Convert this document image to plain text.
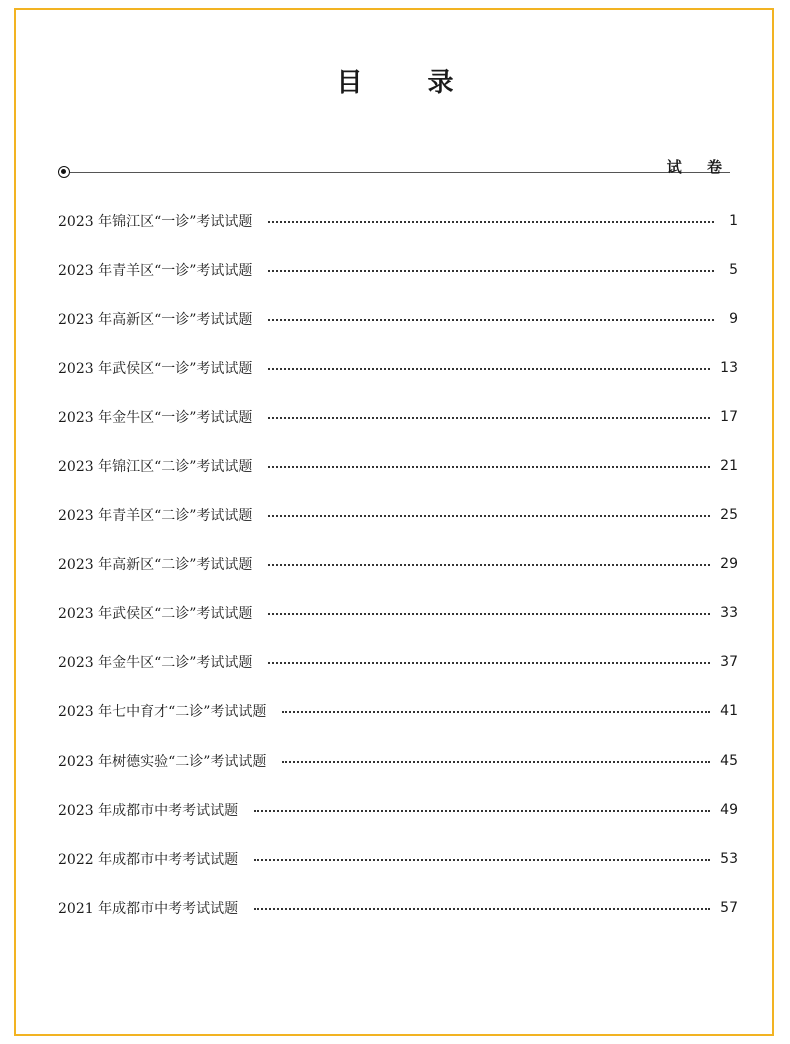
目 录
试 卷
2023 年锦江区“一诊”考试试题	1
2023 年青羊区“一诊”考试试题	5
2023 年高新区“一诊”考试试题	9
2023 年武侯区“一诊”考试试题	13
2023 年金牛区“一诊”考试试题	17
2023 年锦江区“二诊”考试试题	21
2023 年青羊区“二诊”考试试题	25
2023 年高新区“二诊”考试试题	29
2023 年武侯区“二诊”考试试题	33
2023 年金牛区“二诊”考试试题	37
2023 年七中育才“二诊”考试试题	41
2023 年树德实验“二诊”考试试题	45
2023 年成都市中考考试试题	49
2022 年成都市中考考试试题	53
2021 年成都市中考考试试题	57
